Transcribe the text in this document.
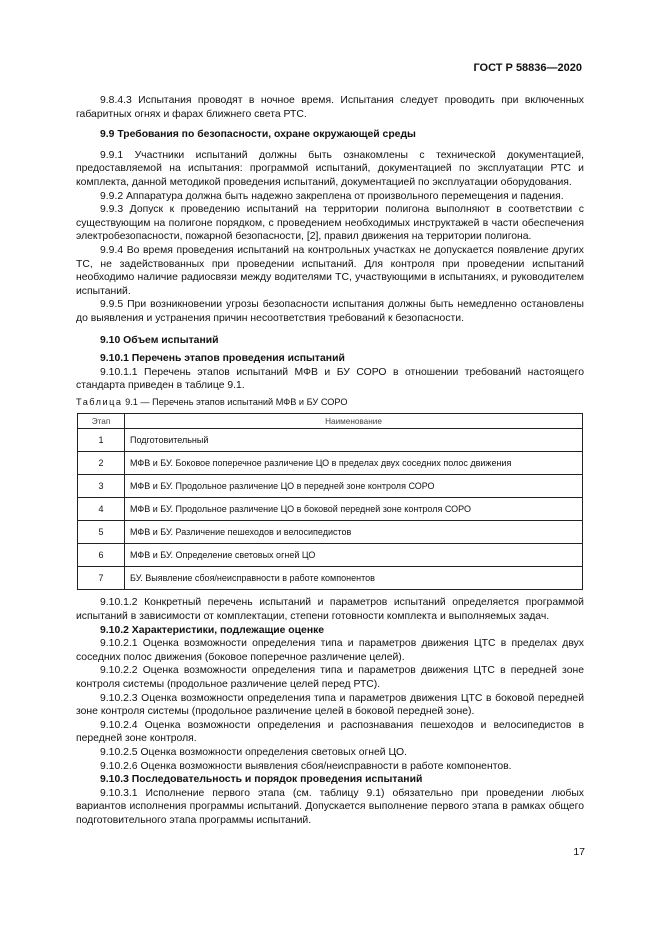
ГОСТ Р 58836—2020

9.8.4.3 Испытания проводят в ночное время. Испытания следует проводить при включенных габаритных огнях и фарах ближнего света РТС.

9.9 Требования по безопасности, охране окружающей среды

9.9.1 Участники испытаний должны быть ознакомлены с технической документацией, предоставляемой на испытания: программой испытаний, документацией по эксплуатации РТС и комплекта, данной методикой проведения испытаний, документацией по эксплуатации оборудования.

9.9.2 Аппаратура должна быть надежно закреплена от произвольного перемещения и падения.

9.9.3 Допуск к проведению испытаний на территории полигона выполняют в соответствии с существующим на полигоне порядком, с проведением необходимых инструктажей в части обеспечения электробезопасности, пожарной безопасности, [2], правил движения на территории полигона.

9.9.4 Во время проведения испытаний на контрольных участках не допускается появление других ТС, не задействованных при проведении испытаний. Для контроля при проведении испытаний необходимо наличие радиосвязи между водителями ТС, участвующими в испытаниях, и руководителем испытаний.

9.9.5 При возникновении угрозы безопасности испытания должны быть немедленно остановлены до выявления и устранения причин несоответствия требований к безопасности.

9.10 Объем испытаний

9.10.1 Перечень этапов проведения испытаний

9.10.1.1 Перечень этапов испытаний МФВ и БУ СОРО в отношении требований настоящего стандарта приведен в таблице 9.1.

Таблица 9.1 — Перечень этапов испытаний МФВ и БУ СОРО

Этап	Наименование
1	Подготовительный
2	МФВ и БУ. Боковое поперечное различение ЦО в пределах двух соседних полос движения
3	МФВ и БУ. Продольное различение ЦО в передней зоне контроля СОРО
4	МФВ и БУ. Продольное различение ЦО в боковой передней зоне контроля СОРО
5	МФВ и БУ. Различение пешеходов и велосипедистов
6	МФВ и БУ. Определение световых огней ЦО
7	БУ. Выявление сбоя/неисправности в работе компонентов

9.10.1.2 Конкретный перечень испытаний и параметров испытаний определяется программой испытаний в зависимости от комплектации, степени готовности комплекта и выполняемых задач.

9.10.2 Характеристики, подлежащие оценке

9.10.2.1 Оценка возможности определения типа и параметров движения ЦТС в пределах двух соседних полос движения (боковое поперечное различение целей).

9.10.2.2 Оценка возможности определения типа и параметров движения ЦТС в передней зоне контроля системы (продольное различение целей перед РТС).

9.10.2.3 Оценка возможности определения типа и параметров движения ЦТС в боковой передней зоне контроля системы (продольное различение целей в боковой передней зоне).

9.10.2.4 Оценка возможности определения и распознавания пешеходов и велосипедистов в передней зоне контроля.

9.10.2.5 Оценка возможности определения световых огней ЦО.

9.10.2.6 Оценка возможности выявления сбоя/неисправности в работе компонентов.

9.10.3 Последовательность и порядок проведения испытаний

9.10.3.1 Исполнение первого этапа (см. таблицу 9.1) обязательно при проведении любых вариантов исполнения программы испытаний. Допускается выполнение первого этапа в рамках общего подготовительного этапа программы испытаний.

17
